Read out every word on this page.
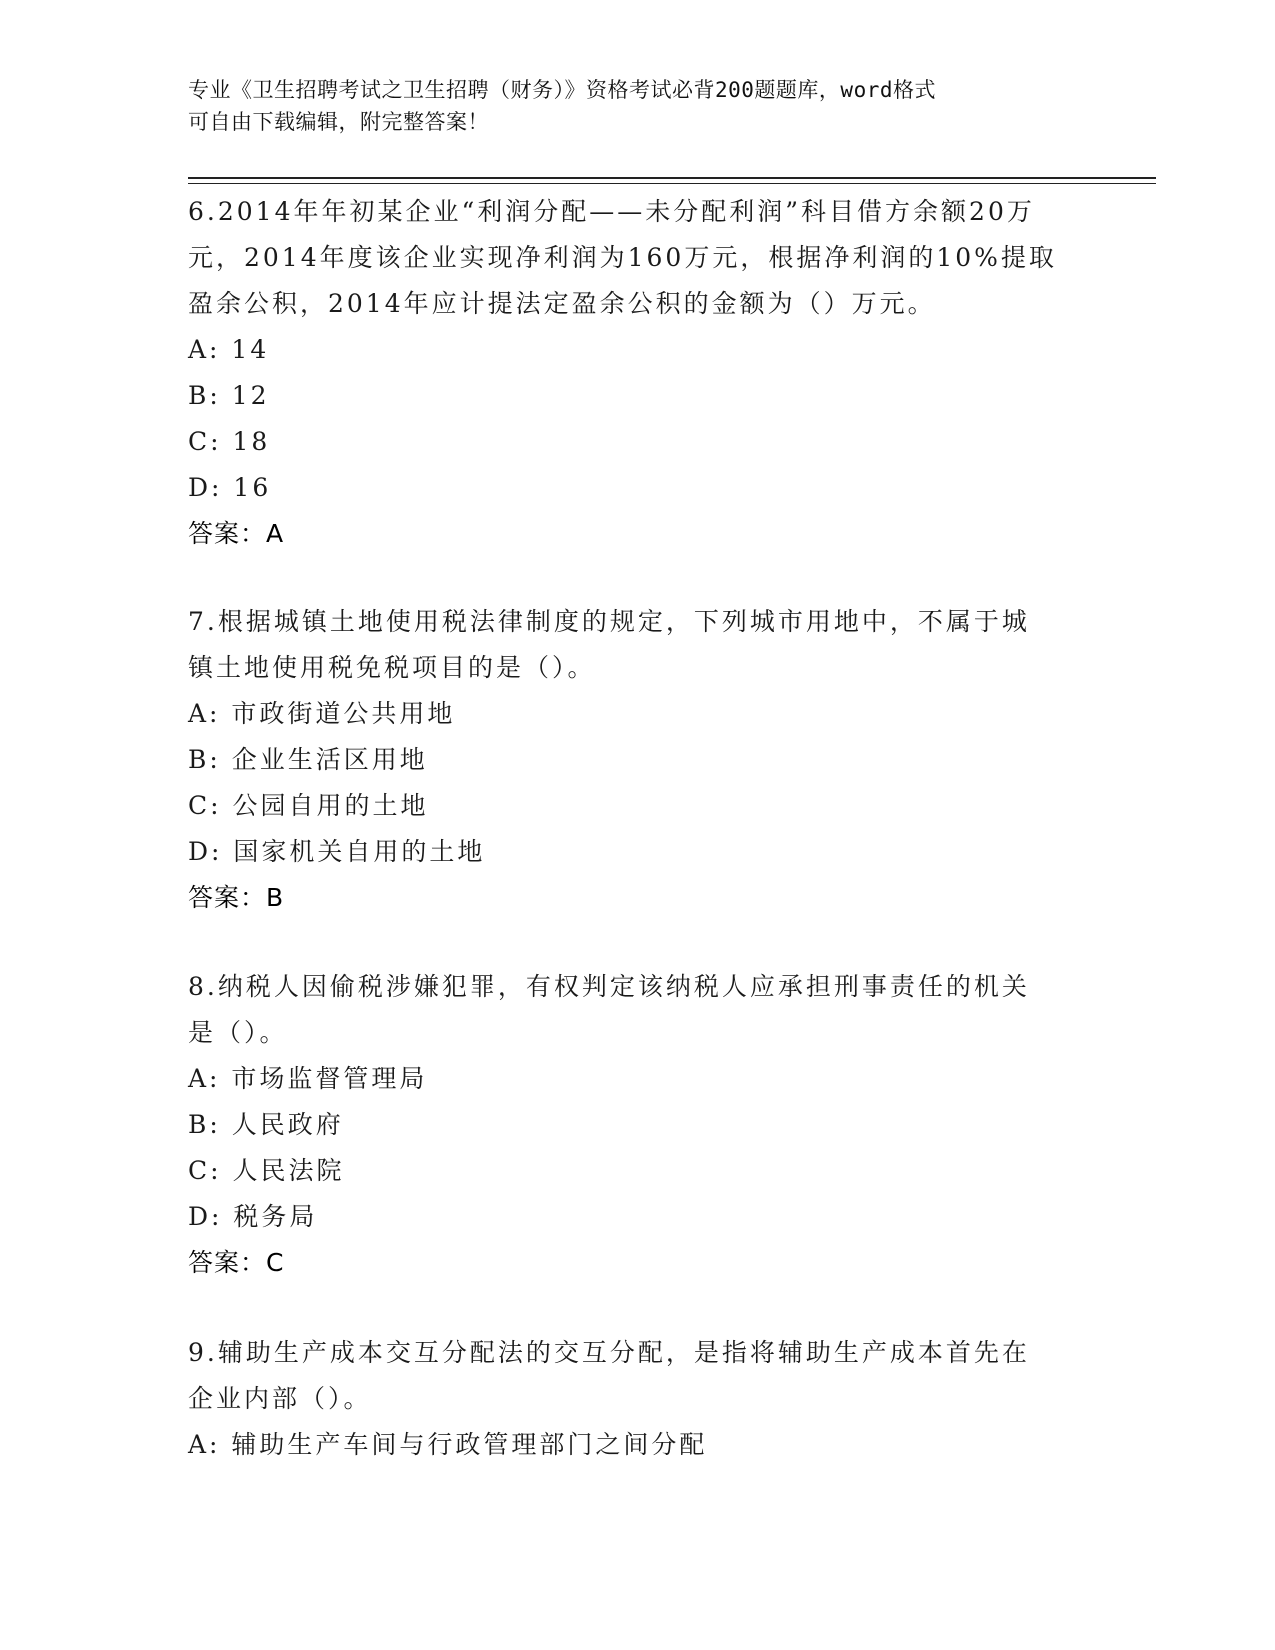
专业《卫生招聘考试之卫生招聘（财务）》资格考试必背200题题库，word格式
可自由下载编辑，附完整答案！
6.2014年年初某企业“利润分配——未分配利润”科目借方余额20万
元，2014年度该企业实现净利润为160万元，根据净利润的10%提取
盈余公积，2014年应计提法定盈余公积的金额为（）万元。
A: 14
B: 12
C: 18
D: 16
答案：A
7.根据城镇土地使用税法律制度的规定，下列城市用地中，不属于城
镇土地使用税免税项目的是（）。
A: 市政街道公共用地
B: 企业生活区用地
C: 公园自用的土地
D: 国家机关自用的土地
答案：B
8.纳税人因偷税涉嫌犯罪，有权判定该纳税人应承担刑事责任的机关
是（）。
A: 市场监督管理局
B: 人民政府
C: 人民法院
D: 税务局
答案：C
9.辅助生产成本交互分配法的交互分配，是指将辅助生产成本首先在
企业内部（）。
A: 辅助生产车间与行政管理部门之间分配
